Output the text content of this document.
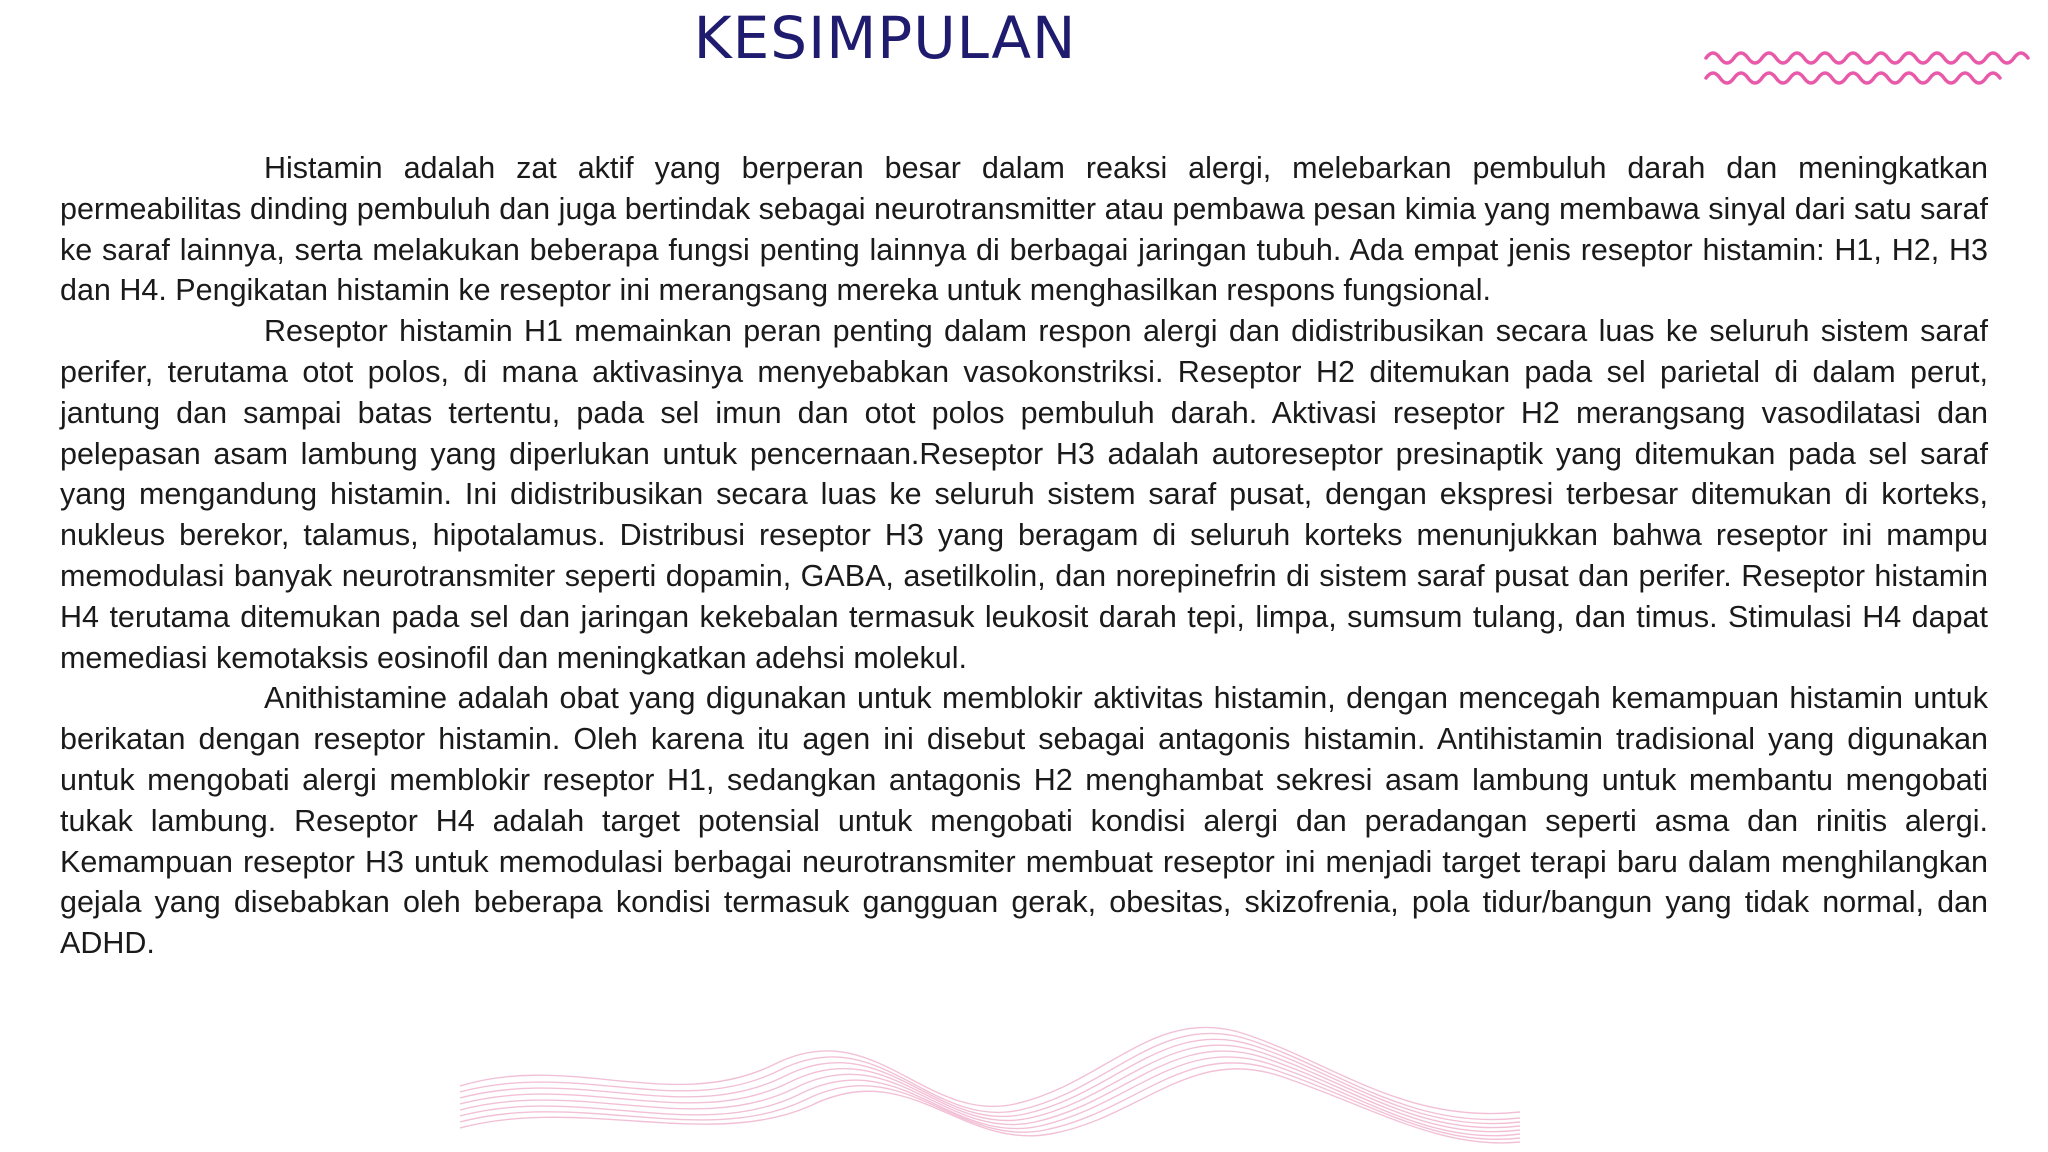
KESIMPULAN

Histamin adalah zat aktif yang berperan besar dalam reaksi alergi, melebarkan pembuluh darah dan meningkatkan permeabilitas dinding pembuluh dan juga bertindak sebagai neurotransmitter atau pembawa pesan kimia yang membawa sinyal dari satu saraf ke saraf lainnya, serta melakukan beberapa fungsi penting lainnya di berbagai jaringan tubuh. Ada empat jenis reseptor histamin: H1, H2, H3 dan H4. Pengikatan histamin ke reseptor ini merangsang mereka untuk menghasilkan respons fungsional.

Reseptor histamin H1 memainkan peran penting dalam respon alergi dan didistribusikan secara luas ke seluruh sistem saraf perifer, terutama otot polos, di mana aktivasinya menyebabkan vasokonstriksi. Reseptor H2 ditemukan pada sel parietal di dalam perut, jantung dan sampai batas tertentu, pada sel imun dan otot polos pembuluh darah. Aktivasi reseptor H2 merangsang vasodilatasi dan pelepasan asam lambung yang diperlukan untuk pencernaan.Reseptor H3 adalah autoreseptor presinaptik yang ditemukan pada sel saraf yang mengandung histamin. Ini didistribusikan secara luas ke seluruh sistem saraf pusat, dengan ekspresi terbesar ditemukan di korteks, nukleus berekor, talamus, hipotalamus. Distribusi reseptor H3 yang beragam di seluruh korteks menunjukkan bahwa reseptor ini mampu memodulasi banyak neurotransmiter seperti dopamin, GABA, asetilkolin, dan norepinefrin di sistem saraf pusat dan perifer. Reseptor histamin H4 terutama ditemukan pada sel dan jaringan kekebalan termasuk leukosit darah tepi, limpa, sumsum tulang, dan timus. Stimulasi H4 dapat memediasi kemotaksis eosinofil dan meningkatkan adehsi molekul.

Anithistamine adalah obat yang digunakan untuk memblokir aktivitas histamin, dengan mencegah kemampuan histamin untuk berikatan dengan reseptor histamin. Oleh karena itu agen ini disebut sebagai antagonis histamin. Antihistamin tradisional yang digunakan untuk mengobati alergi memblokir reseptor H1, sedangkan antagonis H2 menghambat sekresi asam lambung untuk membantu mengobati tukak lambung. Reseptor H4 adalah target potensial untuk mengobati kondisi alergi dan peradangan seperti asma dan rinitis alergi. Kemampuan reseptor H3 untuk memodulasi berbagai neurotransmiter membuat reseptor ini menjadi target terapi baru dalam menghilangkan gejala yang disebabkan oleh beberapa kondisi termasuk gangguan gerak, obesitas, skizofrenia, pola tidur/bangun yang tidak normal, dan ADHD.
